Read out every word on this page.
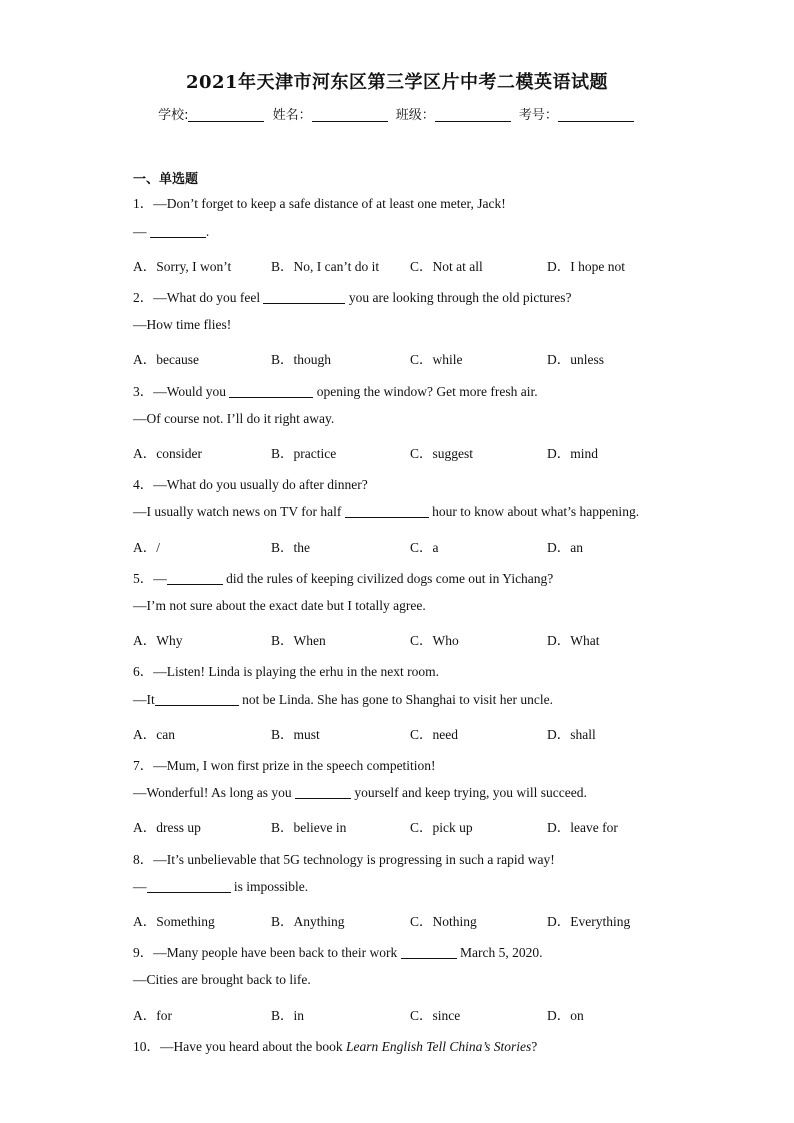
2021年天津市河东区第三学区片中考二模英语试题
学校:	姓名：	班级：	考号：
一、单选题
1．—Don’t forget to keep a safe distance of at least one meter, Jack!
—	.
A．Sorry, I won’t	B．No, I can’t do it C．Not at all	D．I hope not
2．—What do you feel	you are looking through the old pictures?
—How time flies!
A．because	B．though	C．while	D．unless
3．—Would you	opening the window? Get more fresh air.
—Of course not. I’ll do it right away.
A．consider	B．practice	C．suggest	D．mind
4．—What do you usually do after dinner?
—I usually watch news on TV for half	hour to know about what’s happening.
A．/	B．the	C．a	D．an
5．—	did the rules of keeping civilized dogs come out in Yichang?
—I’m not sure about the exact date but I totally agree.
A．Why	B．When	C．Who	D．What
6．—Listen! Linda is playing the erhu in the next room.
—It	not be Linda. She has gone to Shanghai to visit her uncle.
A．can	B．must	C．need	D．shall
7．—Mum, I won first prize in the speech competition!
—Wonderful! As long as you	yourself and keep trying, you will succeed.
A．dress up	B．believe in	C．pick up	D．leave for
8．—It’s unbelievable that 5G technology is progressing in such a rapid way!
—	is impossible.
A．Something	B．Anything	C．Nothing	D．Everything
9．—Many people have been back to their work	March 5, 2020.
—Cities are brought back to life.
A．for	B．in	C．since	D．on
10．—Have you heard about the book Learn English Tell China’s Stories?
